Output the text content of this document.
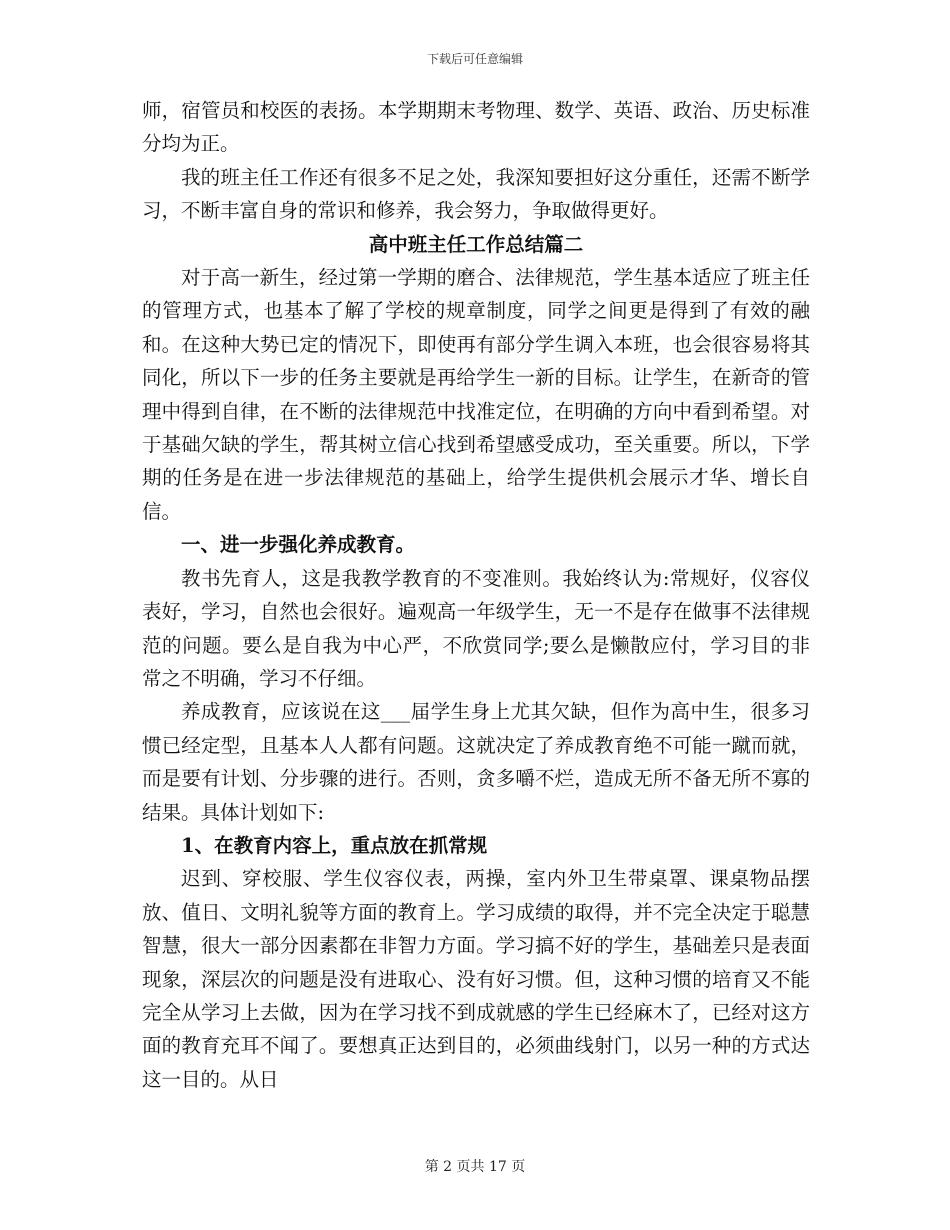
下载后可任意编辑

师，宿管员和校医的表扬。本学期期末考物理、数学、英语、政治、历史标准分均为正。

我的班主任工作还有很多不足之处，我深知要担好这分重任，还需不断学习，不断丰富自身的常识和修养，我会努力，争取做得更好。

高中班主任工作总结篇二

对于高一新生，经过第一学期的磨合、法律规范，学生基本适应了班主任的管理方式，也基本了解了学校的规章制度，同学之间更是得到了有效的融和。在这种大势已定的情况下，即使再有部分学生调入本班，也会很容易将其同化，所以下一步的任务主要就是再给学生一新的目标。让学生，在新奇的管理中得到自律，在不断的法律规范中找准定位，在明确的方向中看到希望。对于基础欠缺的学生，帮其树立信心找到希望感受成功，至关重要。所以，下学期的任务是在进一步法律规范的基础上，给学生提供机会展示才华、增长自信。

一、进一步强化养成教育。

教书先育人，这是我教学教育的不变准则。我始终认为:常规好，仪容仪表好，学习，自然也会很好。遍观高一年级学生，无一不是存在做事不法律规范的问题。要么是自我为中心严，不欣赏同学;要么是懒散应付，学习目的非常之不明确，学习不仔细。

养成教育，应该说在这___届学生身上尤其欠缺，但作为高中生，很多习惯已经定型，且基本人人都有问题。这就决定了养成教育绝不可能一蹴而就，而是要有计划、分步骤的进行。否则，贪多嚼不烂，造成无所不备无所不寡的结果。具体计划如下:

1、在教育内容上，重点放在抓常规

迟到、穿校服、学生仪容仪表，两操，室内外卫生带桌罩、课桌物品摆放、值日、文明礼貌等方面的教育上。学习成绩的取得，并不完全决定于聪慧智慧，很大一部分因素都在非智力方面。学习搞不好的学生，基础差只是表面现象，深层次的问题是没有进取心、没有好习惯。但，这种习惯的培育又不能完全从学习上去做，因为在学习找不到成就感的学生已经麻木了，已经对这方面的教育充耳不闻了。要想真正达到目的，必须曲线射门，以另一种的方式达这一目的。从日

第 2 页共 17 页
